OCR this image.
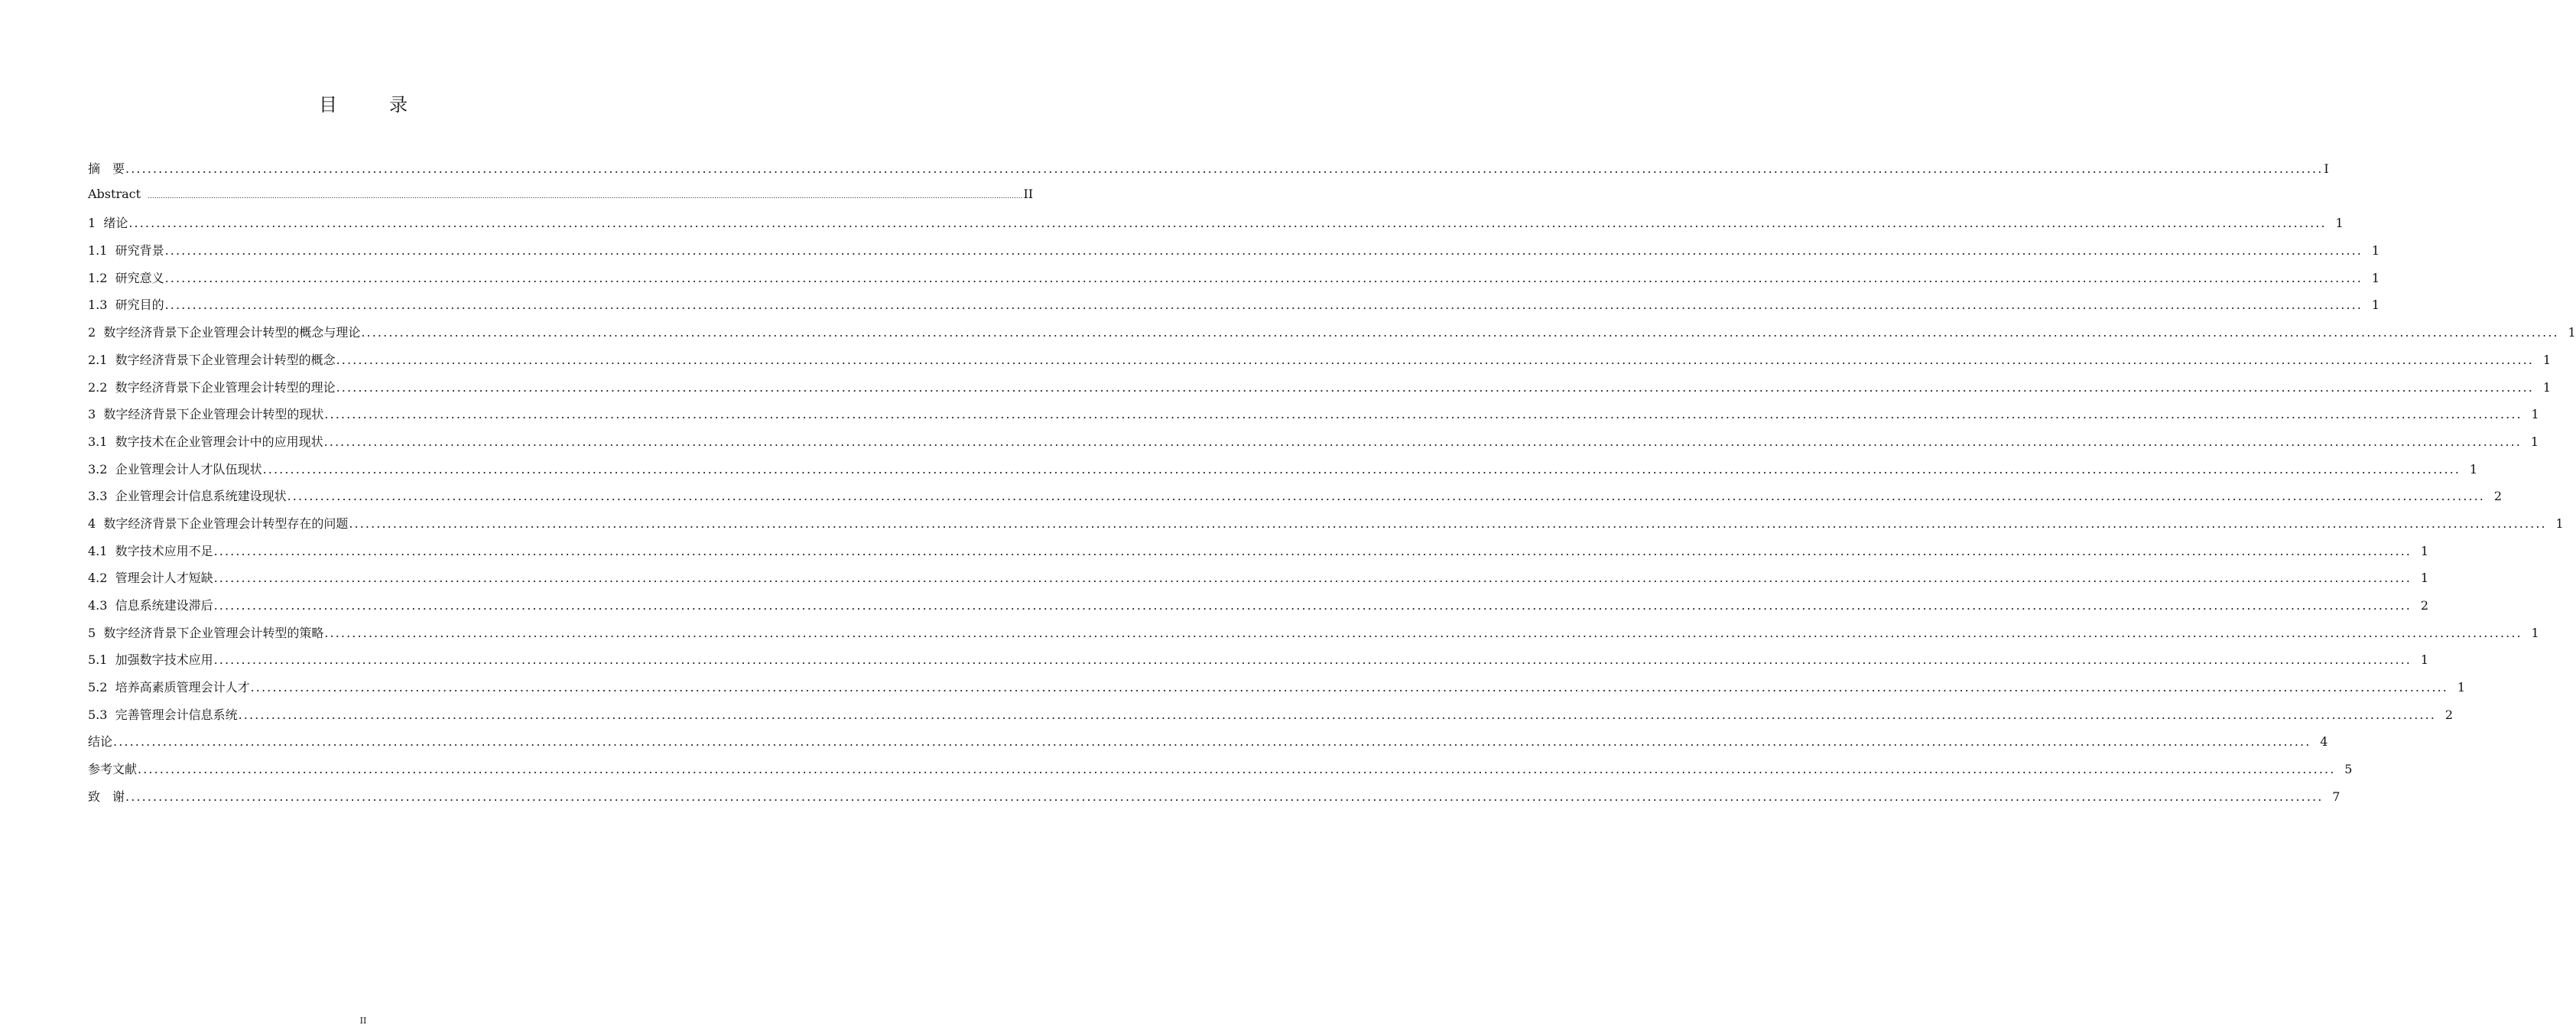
目　录
摘　要 ................................................................................................................................................................................................................................................................................................................................................................................................................ I
Abstract ................................................................................................................................................................................................................................................................................................................................................................................................................ II
1  绪论 ................................................................................................................................................................................................................................................................................................................................................................................................................ 1
1.1  研究背景 ................................................................................................................................................................................................................................................................................................................................................................................................................ 1
1.2  研究意义 ................................................................................................................................................................................................................................................................................................................................................................................................................ 1
1.3  研究目的 ................................................................................................................................................................................................................................................................................................................................................................................................................ 1
2  数字经济背景下企业管理会计转型的概念与理论 ................................................................................................................................................................................................................................................................................................................................................................................................................ 1
2.1  数字经济背景下企业管理会计转型的概念 ................................................................................................................................................................................................................................................................................................................................................................................................................ 1
2.2  数字经济背景下企业管理会计转型的理论 ................................................................................................................................................................................................................................................................................................................................................................................................................ 1
3  数字经济背景下企业管理会计转型的现状 ................................................................................................................................................................................................................................................................................................................................................................................................................ 1
3.1  数字技术在企业管理会计中的应用现状 ................................................................................................................................................................................................................................................................................................................................................................................................................ 1
3.2  企业管理会计人才队伍现状 ................................................................................................................................................................................................................................................................................................................................................................................................................ 1
3.3  企业管理会计信息系统建设现状 ................................................................................................................................................................................................................................................................................................................................................................................................................ 2
4  数字经济背景下企业管理会计转型存在的问题 ................................................................................................................................................................................................................................................................................................................................................................................................................ 1
4.1  数字技术应用不足 ................................................................................................................................................................................................................................................................................................................................................................................................................ 1
4.2  管理会计人才短缺 ................................................................................................................................................................................................................................................................................................................................................................................................................ 1
4.3  信息系统建设滞后 ................................................................................................................................................................................................................................................................................................................................................................................................................ 2
5  数字经济背景下企业管理会计转型的策略 ................................................................................................................................................................................................................................................................................................................................................................................................................ 1
5.1  加强数字技术应用 ................................................................................................................................................................................................................................................................................................................................................................................................................ 1
5.2  培养高素质管理会计人才 ................................................................................................................................................................................................................................................................................................................................................................................................................ 1
5.3  完善管理会计信息系统 ................................................................................................................................................................................................................................................................................................................................................................................................................ 2
结论 ................................................................................................................................................................................................................................................................................................................................................................................................................ 4
参考文献 ................................................................................................................................................................................................................................................................................................................................................................................................................ 5
致　谢 ................................................................................................................................................................................................................................................................................................................................................................................................................ 7
II
